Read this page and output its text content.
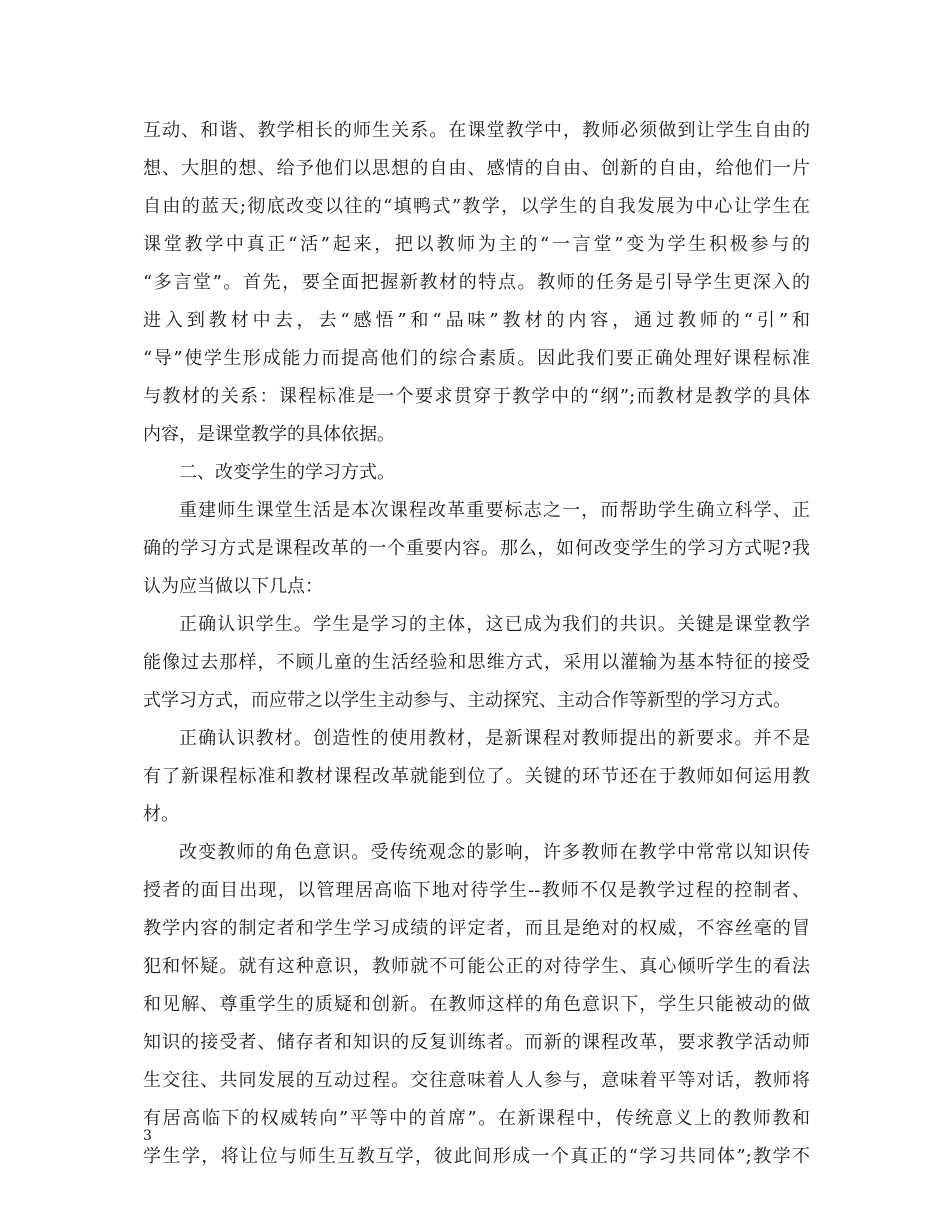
互动、和谐、教学相长的师生关系。在课堂教学中，教师必须做到让学生自由的
想、大胆的想、给予他们以思想的自由、感情的自由、创新的自由，给他们一片
自由的蓝天;彻底改变以往的“填鸭式”教学，以学生的自我发展为中心让学生在
课堂教学中真正“活”起来，把以教师为主的“一言堂”变为学生积极参与的
“多言堂”。首先，要全面把握新教材的特点。教师的任务是引导学生更深入的
进入到教材中去，去“感悟”和“品味”教材的内容，通过教师的“引”和
“导”使学生形成能力而提高他们的综合素质。因此我们要正确处理好课程标准
与教材的关系：课程标准是一个要求贯穿于教学中的“纲”;而教材是教学的具体
内容，是课堂教学的具体依据。
二、改变学生的学习方式。
重建师生课堂生活是本次课程改革重要标志之一，而帮助学生确立科学、正
确的学习方式是课程改革的一个重要内容。那么，如何改变学生的学习方式呢?我
认为应当做以下几点：
正确认识学生。学生是学习的主体，这已成为我们的共识。关键是课堂教学
能像过去那样，不顾儿童的生活经验和思维方式，采用以灌输为基本特征的接受
式学习方式，而应带之以学生主动参与、主动探究、主动合作等新型的学习方式。
正确认识教材。创造性的使用教材，是新课程对教师提出的新要求。并不是
有了新课程标准和教材课程改革就能到位了。关键的环节还在于教师如何运用教
材。
改变教师的角色意识。受传统观念的影响，许多教师在教学中常常以知识传
授者的面目出现，以管理居高临下地对待学生--教师不仅是教学过程的控制者、
教学内容的制定者和学生学习成绩的评定者，而且是绝对的权威，不容丝毫的冒
犯和怀疑。就有这种意识，教师就不可能公正的对待学生、真心倾听学生的看法
和见解、尊重学生的质疑和创新。在教师这样的角色意识下，学生只能被动的做
知识的接受者、储存者和知识的反复训练者。而新的课程改革，要求教学活动师
生交往、共同发展的互动过程。交往意味着人人参与，意味着平等对话，教师将
有居高临下的权威转向”平等中的首席”。在新课程中，传统意义上的教师教和
学生学，将让位与师生互教互学，彼此间形成一个真正的“学习共同体”;教学不
3
